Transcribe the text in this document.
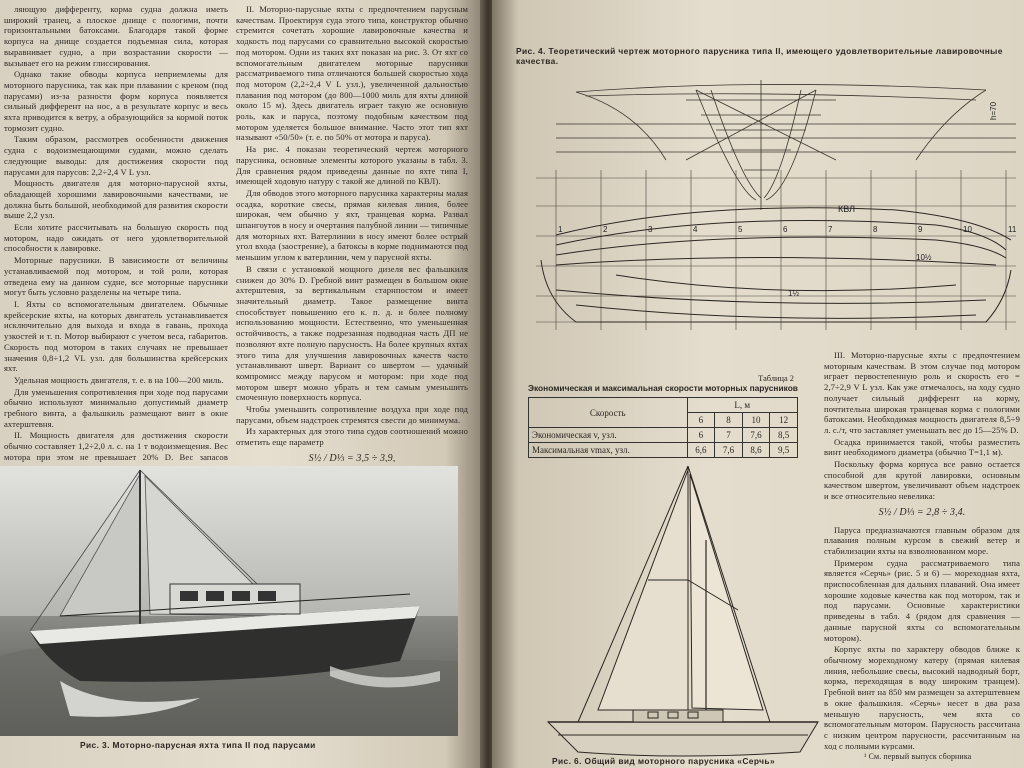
ляющую дифференту, корма судна должна иметь широкий транец, а плоское днище с пологими, почти горизонтальными батоксами. Благодаря такой форме корпуса на днище создается подъемная сила, которая выравнивает судно, а при возрастании скорости — вызывает его на режим глиссирования.

Однако такие обводы корпуса неприемлемы для моторного парусника, так как при плавании с креном (под парусами) из-за разности форм корпуса появляется сильный дифферент на нос, а в результате корпус и весь яхта приводится к ветру, а образующийся за кормой поток тормозит судно.

Таким образом, рассмотрев особенности движения судна с водоизмещающими судами, можно сделать следующие выводы: для достижения скорости под парусами для парусов: 2,2÷2,4 V L узл.

Мощность двигателя для моторно-парусной яхты, обладающей хорошими лавировочными качествами, не должна быть большой, необходимой для развития скорости выше 2,2 узл.

Если хотите рассчитывать на большую скорость под мотором, надо ожидать от него удовлетворительной способности к лавировке.

Моторные парусники. В зависимости от величины устанавливаемой под мотором, и той роли, которая отведена ему на данном судне, все моторные парусники могут быть условно разделены на четыре типа.

I. Яхты со вспомогательным двигателем. Обычные крейсерские яхты, на которых двигатель устанавливается исключительно для выхода и входа в гавань, прохода узкостей и т. п. Мотор выбирают с учетом веса, габаритов. Скорость под мотором в таких случаях не превышает значения 0,8÷1,2 VL узл. для большинства крейсерских яхт.

Удельная мощность двигателя, т. е. в на 100—200 миль.

Для уменьшения сопротивления при ходе под парусами обычно используют минимально допустимый диаметр гребного винта, а фальшкиль размещают винт в окне ахтерштевня.

II. Мощность двигателя для достижения скорости обычно составляет 1,2÷2,0 л. с. на 1 т водоизмещения. Вес мотора при этом не превышает 20% D. Вес запасов

II. Моторно-парусные яхты с предпочтением парусным качествам. Проектируя суда этого типа, конструктор обычно стремится сочетать хорошие лавировочные качества и ходкость под парусами со сравнительно высокой скоростью под мотором. Одни из таких яхт показан на рис. 3. От яхт со вспомогательным двигателем моторные парусники рассматриваемого типа отличаются большей скоростью хода под мотором (2,2÷2,4 V L узл.), увеличенной дальностью плавания под мотором (до 800—1000 миль для яхты длиной около 15 м). Здесь двигатель играет такую же основную роль, как и паруса, поэтому подобным качеством под мотором уделяется большое внимание. Часто этот тип яхт называют «50/50» (т. е. по 50% от мотора и паруса).

На рис. 4 показан теоретический чертеж моторного парусника, основные элементы которого указаны в табл. 3. Для сравнения рядом приведены данные по яхте типа I, имеющей ходовую натуру с такой же длиной по КВЛ).

Для обводов этого моторного парусника характерны малая осадка, короткие свесы, прямая килевая линия, более широкая, чем обычно у яхт, транцевая корма. Развал шпангоутов в носу и очертания палубной линии — типичные для моторных яхт. Ватерлинии в носу имеют более острый угол входа (заострение), а батоксы в корме поднимаются под меньшим углом к ватерлинии, чем у парусной яхты.

В связи с установкой мощного дизеля вес фальшкиля снижен до 30% D. Гребной винт размещен в большом окне ахтерштевня, за вертикальным старнпостом и имеет значительный диаметр. Такое размещение винта способствует повышению его к. п. д. и более полному использованию мощности. Естественно, что уменьшенная остойчивость, а также подрезанная подводная часть ДП не позволяют яхте полную парусность. На более крупных яхтах этого типа для улучшения лавировочных качеств часто устанавливают шверт. Вариант со швертом — удачный компромисс между парусом и мотором: при ходе под мотором шверт можно убрать и тем самым уменьшить смоченную поверхность корпуса.

Чтобы уменьшить сопротивление воздуха при ходе под парусами, объем надстроек стремятся свести до минимума.

Из характерных для этого типа судов соотношений можно отметить еще параметр

S½ / D⅓ = 3,5 ÷ 3,9,

Рис. 3. Моторно-парусная яхта типа II под парусами
Рис. 4. Теоретический чертеж моторного парусника типа II, имеющего удовлетворительные лавировочные качества.
КВЛ
h=70
1½
10½
1	2	3	4	5	6	7	8	9	10	11
Таблица 2
Экономическая и максимальная скорости моторных парусников
Скорость	L, м			
	6	8	10	12
Экономическая v, узл.	6	7	7,6	8,5
Максимальная vmax, узл.	6,6	7,6	8,6	9,5
Рис. 6. Общий вид моторного парусника «Серчь»

III. Моторно-парусные яхты с предпочтением моторным качествам. В этом случае под мотором играет первостепенную роль и скорость его = 2,7÷2,9 V L узл. Как уже отмечалось, на ходу судно получает сильный дифферент на корму, почтительна широкая транцевая корма с пологими батоксами. Необходимая мощность двигателя 8,5÷9 л. с./т, что заставляет уменьшать вес до 15—25% D.

Осадка принимается такой, чтобы разместить винт необходимого диаметра (обычно T=1,1 м).

Поскольку форма корпуса все равно остается способной для крутой лавировки, основным качеством швертом, увеличивают объем надстроек и все относительно невелика:

S½ / D⅓ = 2,8 ÷ 3,4.

Паруса предназначаются главным образом для плавания полным курсом в свежий ветер и стабилизации яхты на взволнованном море.

Примером судна рассматриваемого типа является «Серчь» (рис. 5 и 6) — мореходная яхта, приспособленная для дальних плаваний. Она имеет хорошие ходовые качества как под мотором, так и под парусами. Основные характеристики приведены в табл. 4 (рядом для сравнения — данные парусной яхты со вспомогательным мотором).

Корпус яхты по характеру обводов ближе к обычному мореходному катеру (прямая килевая линия, небольшие свесы, высокий надводный борт, корма, переходящая в воду широким транцем). Гребной винт на 850 мм размещен за ахтерштевнем в окне фальшкиля. «Серчь» несет в два раза меньшую парусность, чем яхта со вспомогательным мотором. Парусность рассчитана с низким центром парусности, рассчитанным на ход с полными курсами.

¹ См. первый выпуск сборника
